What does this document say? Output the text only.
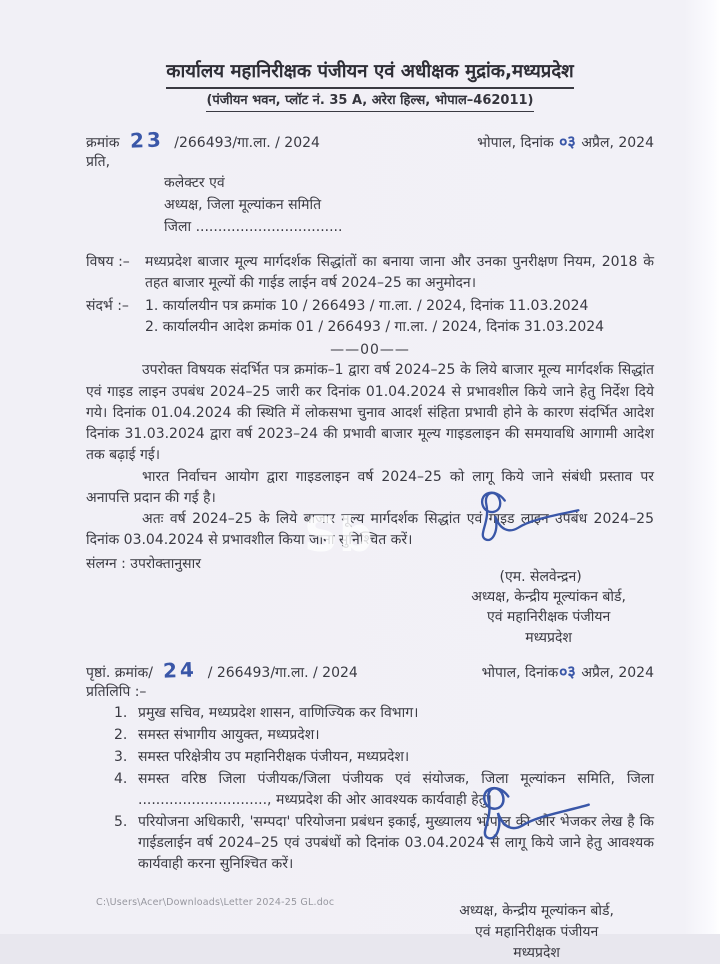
Sb
कार्यालय महानिरीक्षक पंजीयन एवं अधीक्षक मुद्रांक,मध्यप्रदेश
(पंजीयन भवन, प्लॉट नं. 35 A, अरेरा हिल्स, भोपाल–462011)
क्रमांक 23 /266493/गा.ला. / 2024	भोपाल, दिनांक ०३ अप्रैल, 2024
प्रति,
कलेक्टर एवं
अध्यक्ष, जिला मूल्यांकन समिति
जिला .................................
विषय :–	मध्यप्रदेश बाजार मूल्य मार्गदर्शक सिद्धांतों का बनाया जाना और उनका पुनरीक्षण नियम, 2018 के तहत बाजार मूल्यों की गाईड लाईन वर्ष 2024–25 का अनुमोदन।
संदर्भ :–	1. कार्यालयीन पत्र क्रमांक 10 / 266493 / गा.ला. / 2024, दिनांक 11.03.2024
2. कार्यालयीन आदेश क्रमांक 01 / 266493 / गा.ला. / 2024, दिनांक 31.03.2024
——00——

उपरोक्त विषयक संदर्भित पत्र क्रमांक–1 द्वारा वर्ष 2024–25 के लिये बाजार मूल्य मार्गदर्शक सिद्धांत एवं गाइड लाइन उपबंध 2024–25 जारी कर दिनांक 01.04.2024 से प्रभावशील किये जाने हेतु निर्देश दिये गये। दिनांक 01.04.2024 की स्थिति में लोकसभा चुनाव आदर्श संहिता प्रभावी होने के कारण संदर्भित आदेश दिनांक 31.03.2024 द्वारा वर्ष 2023–24 की प्रभावी बाजार मूल्य गाइडलाइन की समयावधि आगामी आदेश तक बढ़ाई गई।

भारत निर्वाचन आयोग द्वारा गाइडलाइन वर्ष 2024–25 को लागू किये जाने संबंधी प्रस्ताव पर अनापत्ति प्रदान की गई है।

अतः वर्ष 2024–25 के लिये बाजार मूल्य मार्गदर्शक सिद्धांत एवं गाइड लाइन उपबंध 2024–25 दिनांक 03.04.2024 से प्रभावशील किया जाना सुनिश्चित करें।

संलग्न : उपरोक्तानुसार
(एम. सेलवेन्द्रन)
अध्यक्ष, केन्द्रीय मूल्यांकन बोर्ड,
एवं महानिरीक्षक पंजीयन
मध्यप्रदेश
पृष्ठां. क्रमांक/ 24 / 266493/गा.ला. / 2024	भोपाल, दिनांक०३ अप्रैल, 2024
प्रतिलिपि :–
1. प्रमुख सचिव, मध्यप्रदेश शासन, वाणिज्यिक कर विभाग।
2. समस्त संभागीय आयुक्त, मध्यप्रदेश।
3. समस्त परिक्षेत्रीय उप महानिरीक्षक पंजीयन, मध्यप्रदेश।
4. समस्त वरिष्ठ जिला पंजीयक/जिला पंजीयक एवं संयोजक, जिला मूल्यांकन समिति, जिला ............................., मध्यप्रदेश की ओर आवश्यक कार्यवाही हेतु।
5. परियोजना अधिकारी, 'सम्पदा' परियोजना प्रबंधन इकाई, मुख्यालय भोपाल की ओर भेजकर लेख है कि गाईडलाईन वर्ष 2024–25 एवं उपबंधों को दिनांक 03.04.2024 से लागू किये जाने हेतु आवश्यक कार्यवाही करना सुनिश्चित करें।
अध्यक्ष, केन्द्रीय मूल्यांकन बोर्ड,
एवं महानिरीक्षक पंजीयन
मध्यप्रदेश
C:\Users\Acer\Downloads\Letter 2024-25 GL.doc
